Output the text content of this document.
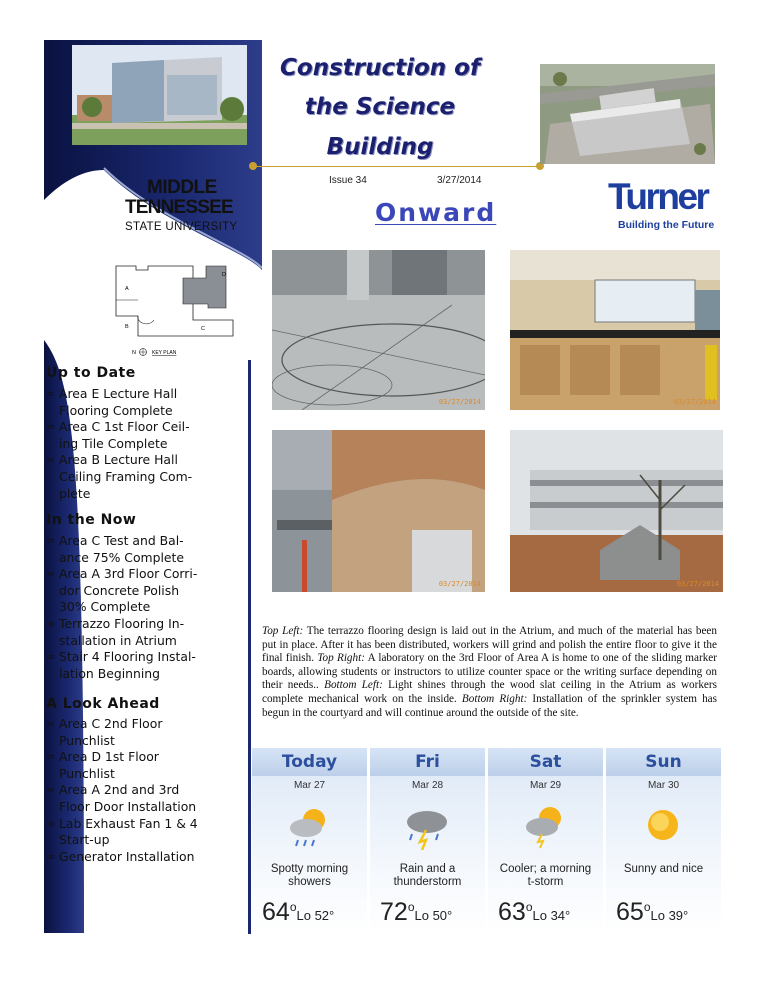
MIDDLE
TENNESSEE
STATE UNIVERSITY
A
B	C
D
N	KEY PLAN
Construction of
the Science
Building
Issue 34	3/27/2014
Onward	Turner
Building the Future
Up to Date
∞ Area E Lecture Hall
Flooring Complete
∞ Area C 1st Floor Ceil-
ing Tile Complete
∞ Area B Lecture Hall
Ceiling Framing Com-
plete
In the Now
∞ Area C Test and Bal-
ance 75% Complete
∞ Area A 3rd Floor Corri-
dor Concrete Polish
30% Complete
∞ Terrazzo Flooring In-
stallation in Atrium
∞ Stair 4 Flooring Instal-
lation Beginning
A Look Ahead
∞ Area C 2nd Floor
Punchlist
∞ Area D 1st Floor
Punchlist
∞ Area A 2nd and 3rd
Floor Door Installation
∞ Lab Exhaust Fan 1 & 4
Start-up
∞ Generator Installation
03/27/2014	03/27/2014
03/27/2014	03/27/2014
Top Left: The terrazzo flooring design is laid out in the Atrium, and much of the material has been put in place. After it has been distributed, workers will grind and polish the entire floor to give it the final finish. Top Right: A laboratory on the 3rd Floor of Area A is home to one of the sliding marker boards, allowing students or instructors to utilize counter space or the writing surface depending on their needs.. Bottom Left: Light shines through the wood slat ceiling in the Atrium as workers complete mechanical work on the inside. Bottom Right: Installation of the sprinkler system has begun in the courtyard and will continue around the outside of the site.
Today
Mar 27
Spotty morning
showers
64$^o$Lo 52°
Fri
Mar 28
Rain and a
thunderstorm
72$^o$Lo 50°
Sat
Mar 29
Cooler; a morning
t-storm
63$^o$Lo 34°
Sun
Mar 30
Sunny and nice

65$^o$Lo 39°
